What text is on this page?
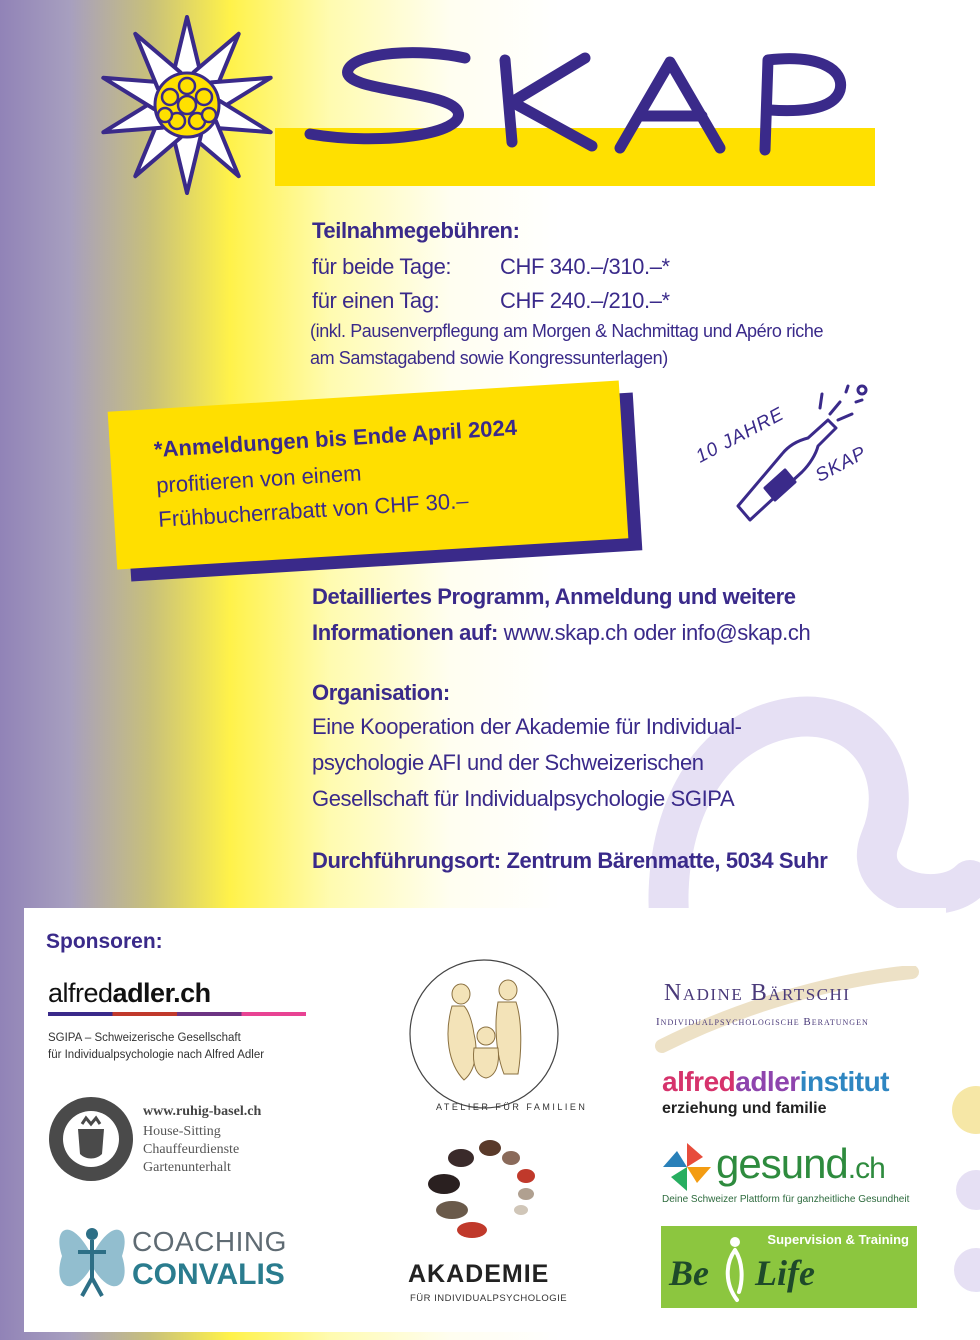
Teilnahmegebühren:
für beide Tage: CHF 340.–/310.–*
für einen Tag:	CHF 240.–/210.–*
(inkl. Pausenverpflegung am Morgen & Nachmittag und Apéro riche
am Samstagabend sowie Kongressunterlagen)
*Anmeldungen bis Ende April 2024
profitieren von einem
Frühbucherrabatt von CHF 30.–
10 JAHRE SKAP
Detailliertes Programm, Anmeldung und weitere
Informationen auf: www.skap.ch oder info@skap.ch
Organisation:
Eine Kooperation der Akademie für Individual-
psychologie AFI und der Schweizerischen
Gesellschaft für Individualpsychologie SGIPA
Durchführungsort: Zentrum Bärenmatte, 5034 Suhr
Sponsoren:
alfredadler.ch
SGIPA – Schweizerische Gesellschaft
für Individualpsychologie nach Alfred Adler
www.ruhig-basel.ch
House-Sitting
Chauffeurdienste
Gartenunterhalt
COACHING
CONVALIS
ATELIER FÜR FAMILIEN
AKADEMIE
FÜR INDIVIDUALPSYCHOLOGIE
Nadine Bärtschi
Individualpsychologische Beratungen
alfredadlerinstitut
erziehung und familie
gesund.ch
Deine Schweizer Plattform für ganzheitliche Gesundheit
Supervision & Training
Be Life
